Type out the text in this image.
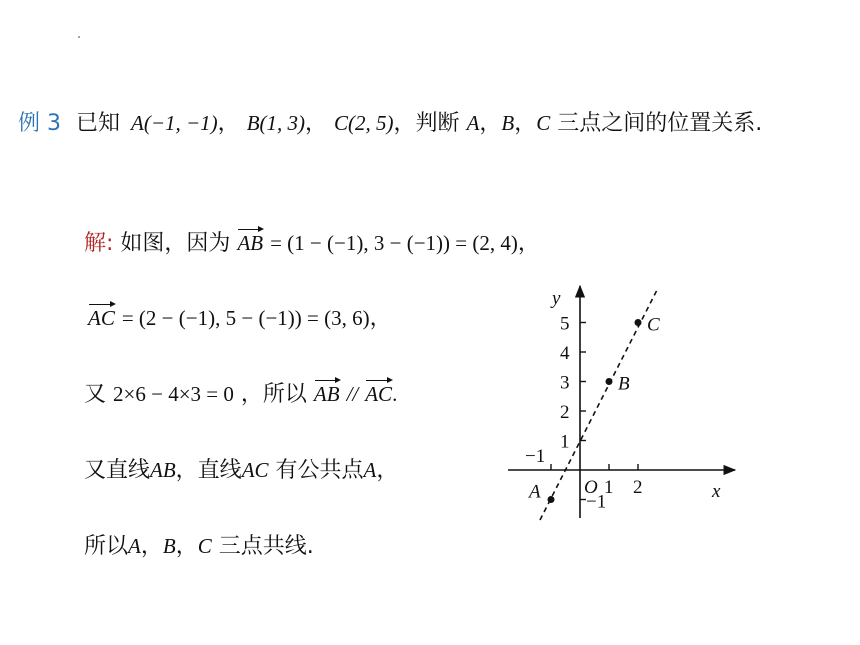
例 3 已知 A(−1, −1)， B(1, 3)， C(2, 5)，判断 A，B，C 三点之间的位置关系.
解: 如图，因为 AB = (1 − (−1), 3 − (−1)) = (2, 4)，
AC = (2 − (−1), 5 − (−1)) = (3, 6)，
又 2×6 − 4×3 = 0 ，所以 AB // AC.
又直线AB，直线AC 有公共点A，
所以A，B，C 三点共线.
−1
1 2
−1
1
2
3
4
5
A
B
C
x
y
O
